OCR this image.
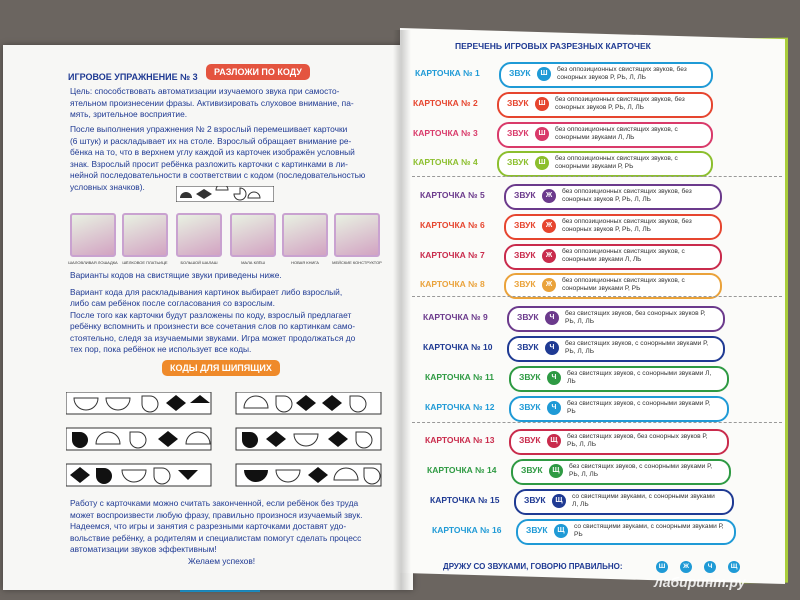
ИГРОВОЕ УПРАЖНЕНИЕ № 3	РАЗЛОЖИ ПО КОДУ
Цель: способствовать автоматизации изучаемого звука при самосто-
ятельном произнесении фразы. Активизировать слуховое внимание, па-
мять, зрительное восприятие.
После выполнения упражнения № 2 взрослый перемешивает карточки
(6 штук) и раскладывает их на столе. Взрослый обращает внимание ре-
бёнка на то, что в верхнем углу каждой из карточек изображён условный
знак. Взрослый просит ребёнка разложить карточки с картинками в ли-
нейной последовательности в соответствии с кодом (последовательностью
условных значков).
ШАЛОВЛИВАЯ ЛОШАДКА	ШЁЛКОВОЕ ПЛАТЬИЦЕ	БОЛЬШОЙ ШАЛАШ	МАЛА КЛЁШ	НОВАЯ КНИГА	МЕЙСКИЕ КОНСТРУКТОР
Варианты кодов на свистящие звуки приведены ниже.
Вариант кода для раскладывания картинок выбирает либо взрослый,
либо сам ребёнок после согласования со взрослым.
После того как карточки будут разложены по коду, взрослый предлагает
ребёнку вспомнить и произнести все сочетания слов по картинкам само-
стоятельно, следя за изучаемыми звуками. Игра может продолжаться до
тех пор, пока ребёнок не использует все коды.
КОДЫ ДЛЯ ШИПЯЩИХ
Работу с карточками можно считать законченной, если ребёнок без труда
может воспроизвести любую фразу, правильно произнося изучаемый звук.
Надеемся, что игры и занятия с разрезными карточками доставят удо-
вольствие ребёнку, а родителям и специалистам помогут сделать процесс
автоматизации звуков эффективным!
Желаем успехов!
ПЕРЕЧЕНЬ ИГРОВЫХ РАЗРЕЗНЫХ КАРТОЧЕК
КАРТОЧКА № 1	ЗВУК	Ш
без оппозиционных свистящих звуков, без сонорных звуков Р, РЬ, Л, ЛЬ
КАРТОЧКА № 2	ЗВУК	Ш
без оппозиционных свистящих звуков, без сонорных звуков Р, РЬ, Л, ЛЬ
КАРТОЧКА № 3	ЗВУК	Ш
без оппозиционных свистящих звуков, с сонорными звуками Л, ЛЬ
КАРТОЧКА № 4	ЗВУК	Ш
без оппозиционных свистящих звуков, с сонорными звуками Р, РЬ
КАРТОЧКА № 5	ЗВУК	Ж
без оппозиционных свистящих звуков, без сонорных звуков Р, РЬ, Л, ЛЬ
КАРТОЧКА № 6	ЗВУК	Ж
без оппозиционных свистящих звуков, без сонорных звуков Р, РЬ, Л, ЛЬ
КАРТОЧКА № 7	ЗВУК	Ж
без оппозиционных свистящих звуков, с сонорными звуками Л, ЛЬ
КАРТОЧКА № 8	ЗВУК	Ж
без оппозиционных свистящих звуков, с сонорными звуками Р, РЬ
КАРТОЧКА № 9	ЗВУК	Ч
без свистящих звуков, без сонорных звуков Р, РЬ, Л, ЛЬ
КАРТОЧКА № 10	ЗВУК	Ч
без свистящих звуков, с сонорными звуками Р, РЬ, Л, ЛЬ
КАРТОЧКА № 11	ЗВУК	Ч
без свистящих звуков, с сонорными звуками Л, ЛЬ
КАРТОЧКА № 12	ЗВУК	Ч
без свистящих звуков, с сонорными звуками Р, РЬ
КАРТОЧКА № 13	ЗВУК	Щ
без свистящих звуков, без сонорных звуков Р, РЬ, Л, ЛЬ
КАРТОЧКА № 14	ЗВУК	Щ
без свистящих звуков, с сонорными звуками Р, РЬ, Л, ЛЬ
КАРТОЧКА № 15	ЗВУК	Щ
со свистящими звуками, с сонорными звуками Л, ЛЬ
КАРТОЧКА № 16	ЗВУК	Щ
со свистящими звуками, с сонорными звуками Р, РЬ
ДРУЖУ СО ЗВУКАМИ, ГОВОРЮ ПРАВИЛЬНО:	Ш	Ж	Ч	Щ
лабиринт.ру
